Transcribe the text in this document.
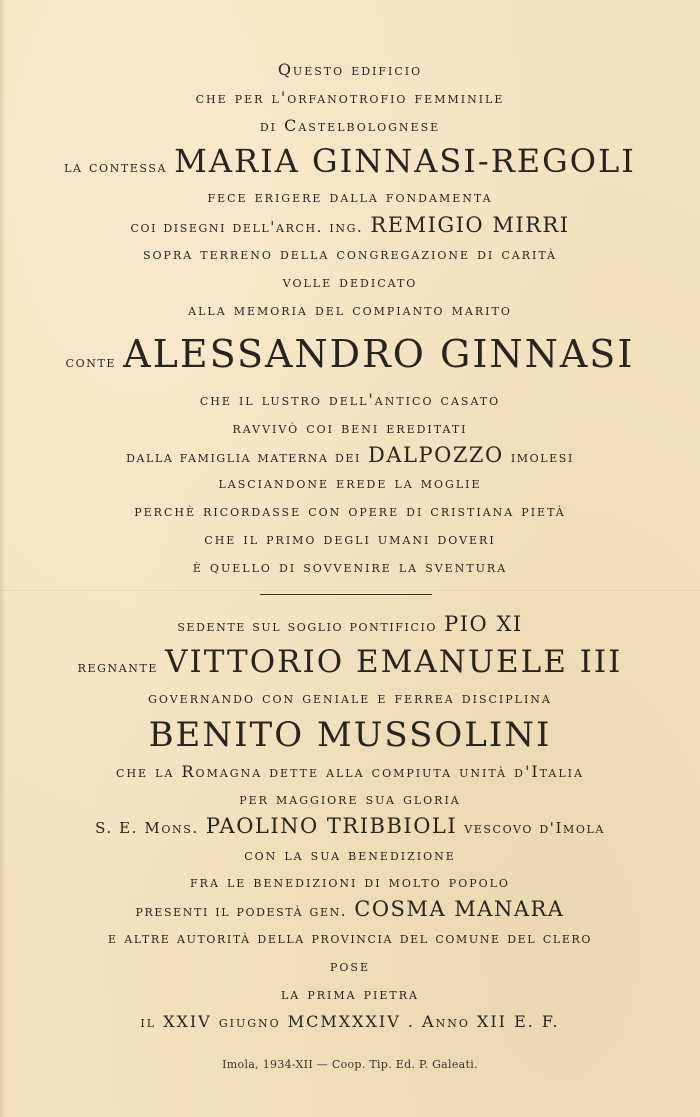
Questo edificio
che per l'orfanotrofio femminile
di Castelbolognese
la contessa MARIA GINNASI-REGOLI
fece erigere dalla fondamenta
coi disegni dell'arch. ing. REMIGIO MIRRI
sopra terreno della congregazione di carità
volle dedicato
alla memoria del compianto marito
conte ALESSANDRO GINNASI
che il lustro dell'antico casato
ravvivò coi beni ereditati
dalla famiglia materna dei DALPOZZO imolesi
lasciandone erede la moglie
perchè ricordasse con opere di cristiana pietà
che il primo degli umani doveri
è quello di sovvenire la sventura
sedente sul soglio pontificio PIO XI
regnante VITTORIO EMANUELE III
governando con geniale e ferrea disciplina
BENITO MUSSOLINI
che la Romagna dette alla compiuta unità d'Italia
per maggiore sua gloria
S. E. Mons. PAOLINO TRIBBIOLI vescovo d'Imola
con la sua benedizione
fra le benedizioni di molto popolo
presenti il podestà gen. COSMA MANARA
e altre autorità della provincia del comune del clero
pose
la prima pietra
il XXIV giugno MCMXXXIV . Anno XII E. F.
Imola, 1934-XII — Coop. Tip. Ed. P. Galeati.
